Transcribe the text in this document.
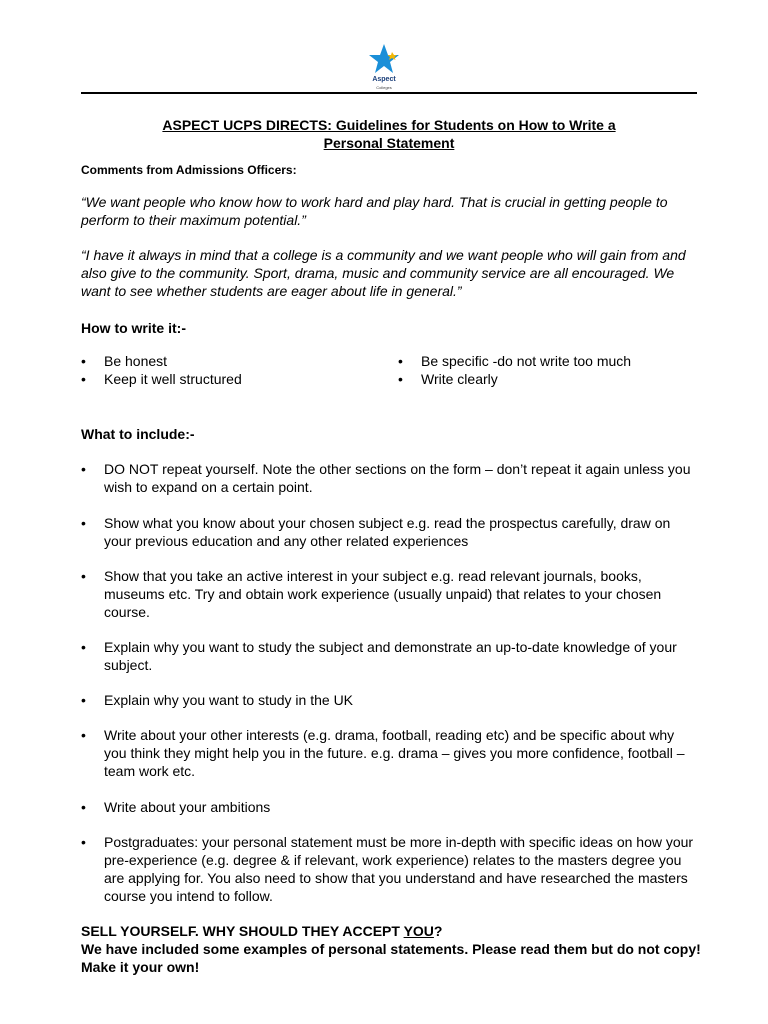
Aspect
Colleges
ASPECT UCPS DIRECTS: Guidelines for Students on How to Write a
Personal Statement

Comments from Admissions Officers:

“We want people who know how to work hard and play hard. That is crucial in getting people to perform to their maximum potential.”

“I have it always in mind that a college is a community and we want people who will gain from and also give to the community. Sport, drama, music and community service are all encouraged. We want to see whether students are eager about life in general.”

How to write it:-

• Be honest
• Keep it well structured
• Be specific -do not write too much
• Write clearly

What to include:-

• DO NOT repeat yourself. Note the other sections on the form – don’t repeat it again unless you wish to expand on a certain point.
• Show what you know about your chosen subject e.g. read the prospectus carefully, draw on your previous education and any other related experiences
• Show that you take an active interest in your subject e.g. read relevant journals, books, museums etc. Try and obtain work experience (usually unpaid) that relates to your chosen course.
• Explain why you want to study the subject and demonstrate an up-to-date knowledge of your subject.
• Explain why you want to study in the UK
• Write about your other interests (e.g. drama, football, reading etc) and be specific about why you think they might help you in the future. e.g. drama – gives you more confidence, football – team work etc.
• Write about your ambitions
• Postgraduates: your personal statement must be more in-depth with specific ideas on how your pre-experience (e.g. degree & if relevant, work experience) relates to the masters degree you are applying for. You also need to show that you understand and have researched the masters course you intend to follow.
SELL YOURSELF. WHY SHOULD THEY ACCEPT YOU?
We have included some examples of personal statements. Please read them but do not copy! Make it your own!
